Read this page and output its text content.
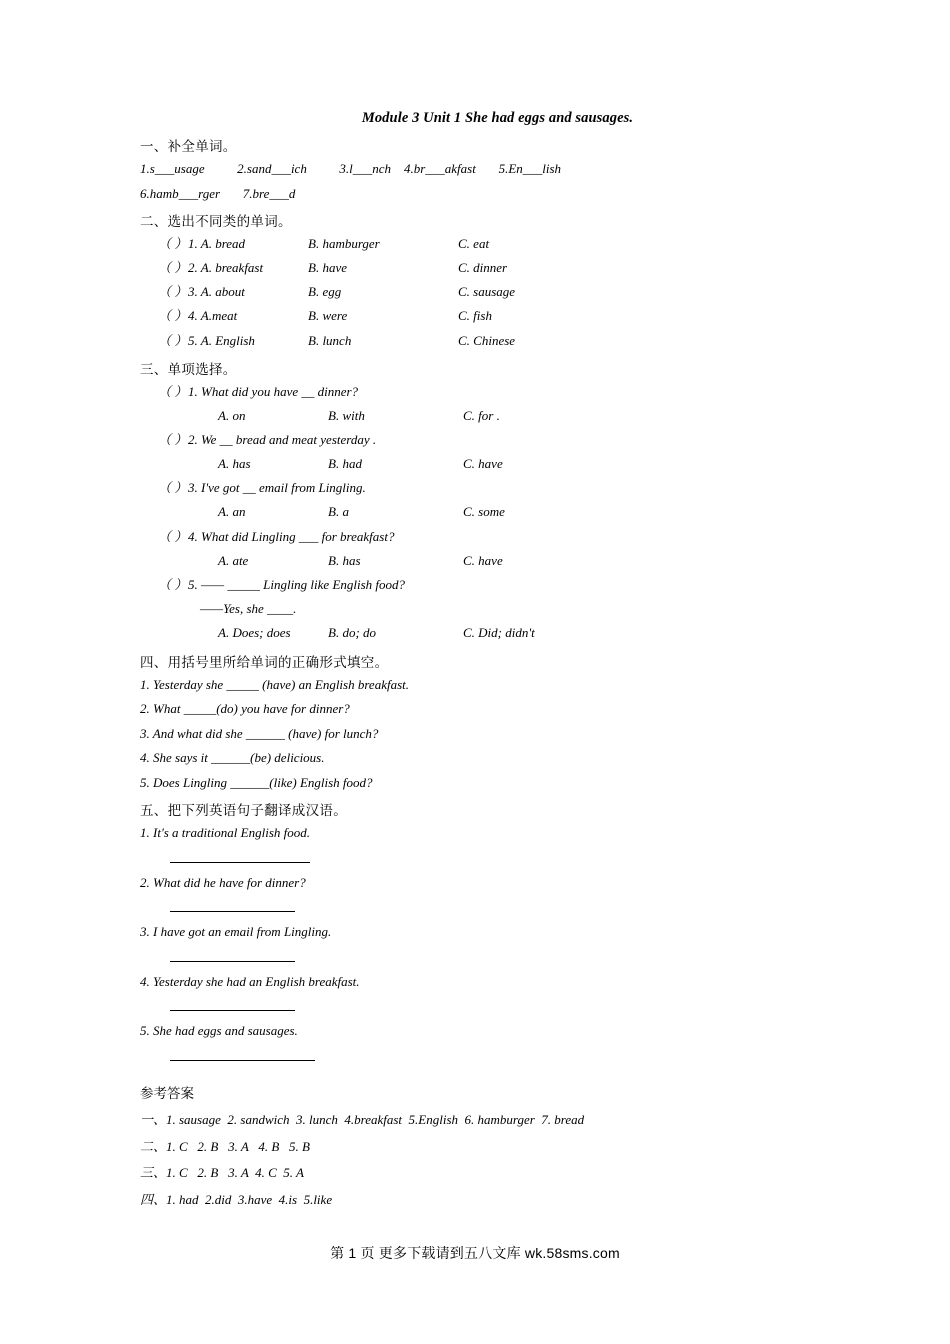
Module 3 Unit 1 She had eggs and sausages.
一、补全单词。
1.s___usage          2.sand___ich          3.l___nch    4.br___akfast       5.En___lish
6.hamb___rger       7.bre___d
二、选出不同类的单词。
（ ） 1. A. bread	B. hamburger	C. eat
（ ） 2. A. breakfast	B. have	C. dinner
（ ） 3. A. about	B. egg	C. sausage
（ ） 4. A.meat	B. were	C. fish
（ ） 5. A. English	B. lunch	C. Chinese
三、单项选择。
（ ） 1. What did you have __ dinner?
A. on	B. with	C. for .
（ ） 2. We __ bread and meat yesterday .
A. has	B. had	C. have
（ ） 3. I've got __ email from Lingling.
A. an	B. a	C. some
（ ） 4. What did Lingling ___ for breakfast?
A. ate	B. has	C. have
（ ） 5. —— _____ Lingling like English food?
——Yes, she ____.
A. Does; does	B. do; do	C. Did; didn't
四、用括号里所给单词的正确形式填空。
1. Yesterday she _____ (have) an English breakfast.
2. What _____(do) you have for dinner?
3. And what did she ______ (have) for lunch?
4. She says it ______(be) delicious.
5. Does Lingling ______(like) English food?
五、把下列英语句子翻译成汉语。
1. It's a traditional English food.
2. What did he have for dinner?
3. I have got an email from Lingling.
4. Yesterday she had an English breakfast.
5. She had eggs and sausages.
参考答案
一、1. sausage  2. sandwich  3. lunch  4.breakfast  5.English  6. hamburger  7. bread
二、1. C   2. B   3. A   4. B   5. B
三、1. C   2. B   3. A  4. C  5. A
四、1. had  2.did  3.have  4.is  5.like
第 1 页 更多下载请到五八文库 wk.58sms.com
